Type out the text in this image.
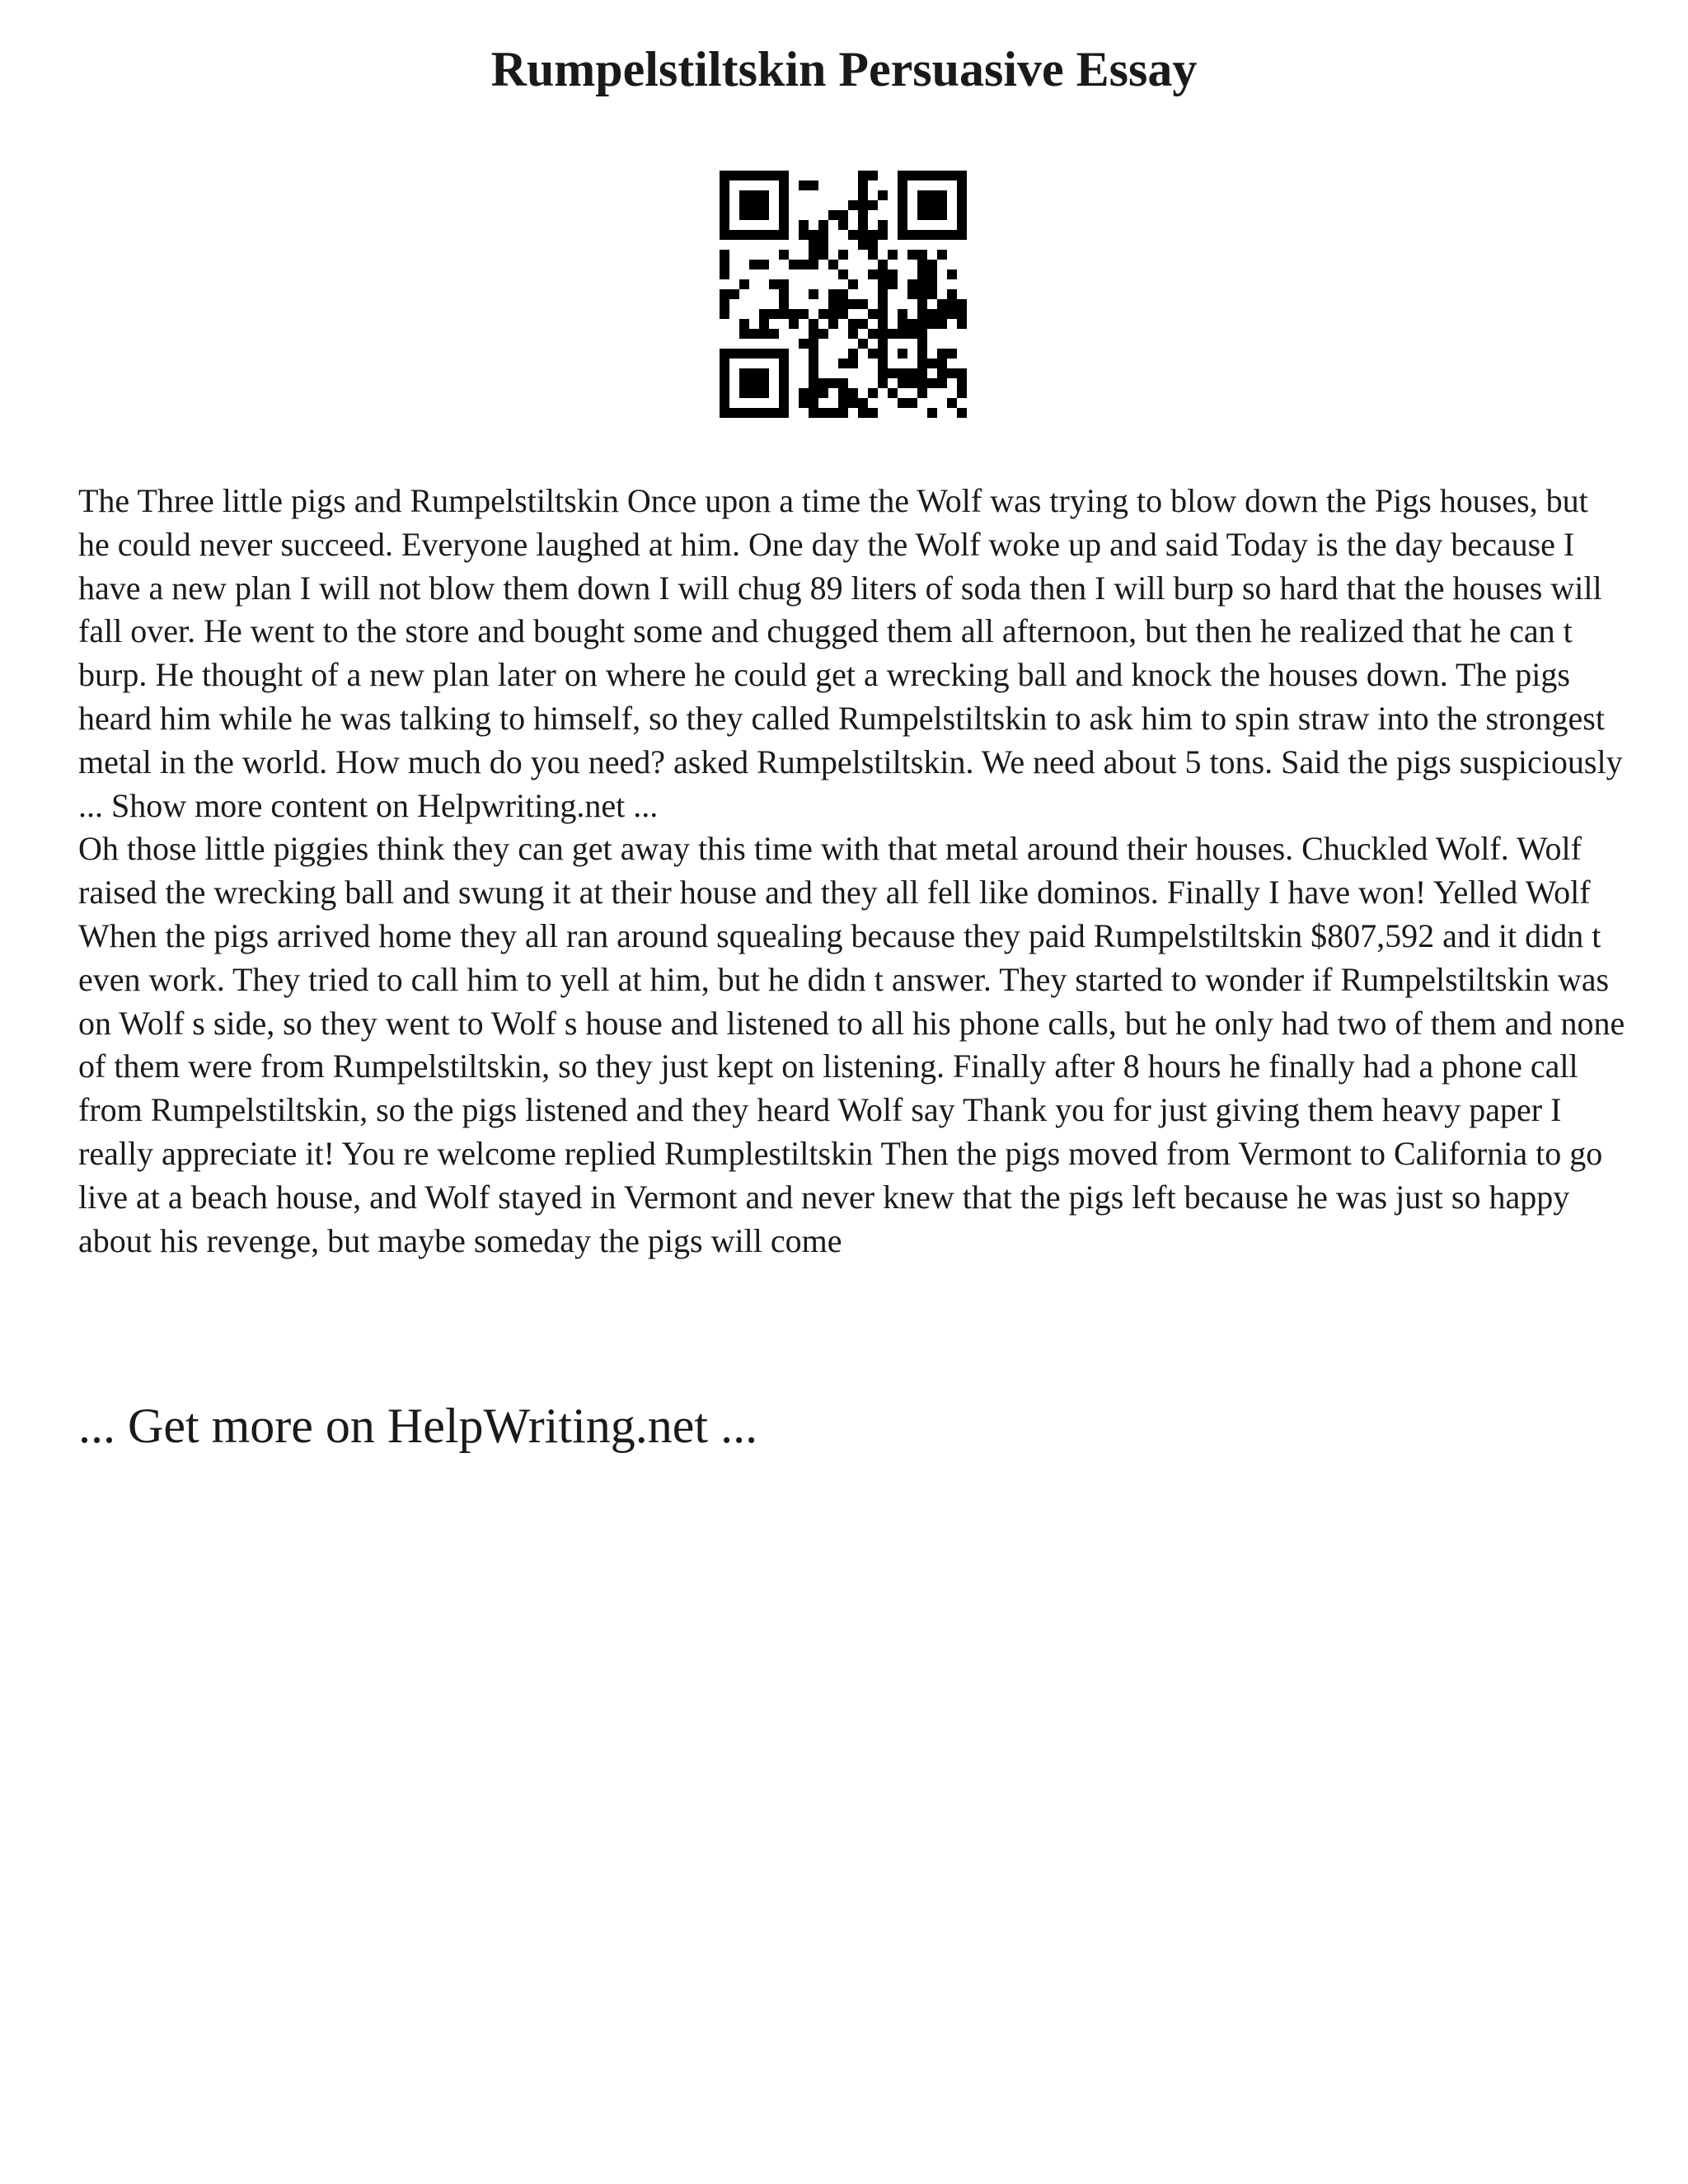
Rumpelstiltskin Persuasive Essay

The Three little pigs and Rumpelstiltskin Once upon a time the Wolf was trying to blow down the Pigs houses, but he could never succeed. Everyone laughed at him. One day the Wolf woke up and said Today is the day because I have a new plan I will not blow them down I will chug 89 liters of soda then I will burp so hard that the houses will fall over. He went to the store and bought some and chugged them all afternoon, but then he realized that he can t burp. He thought of a new plan later on where he could get a wrecking ball and knock the houses down. The pigs heard him while he was talking to himself, so they called Rumpelstiltskin to ask him to spin straw into the strongest metal in the world. How much do you need? asked Rumpelstiltskin. We need about 5 tons. Said the pigs suspiciously ... Show more content on Helpwriting.net ...

Oh those little piggies think they can get away this time with that metal around their houses. Chuckled Wolf. Wolf raised the wrecking ball and swung it at their house and they all fell like dominos. Finally I have won! Yelled Wolf When the pigs arrived home they all ran around squealing because they paid Rumpelstiltskin $807,592 and it didn t even work. They tried to call him to yell at him, but he didn t answer. They started to wonder if Rumpelstiltskin was on Wolf s side, so they went to Wolf s house and listened to all his phone calls, but he only had two of them and none of them were from Rumpelstiltskin, so they just kept on listening. Finally after 8 hours he finally had a phone call from Rumpelstiltskin, so the pigs listened and they heard Wolf say Thank you for just giving them heavy paper I really appreciate it! You re welcome replied Rumplestiltskin Then the pigs moved from Vermont to California to go live at a beach house, and Wolf stayed in Vermont and never knew that the pigs left because he was just so happy about his revenge, but maybe someday the pigs will come

... Get more on HelpWriting.net ...
